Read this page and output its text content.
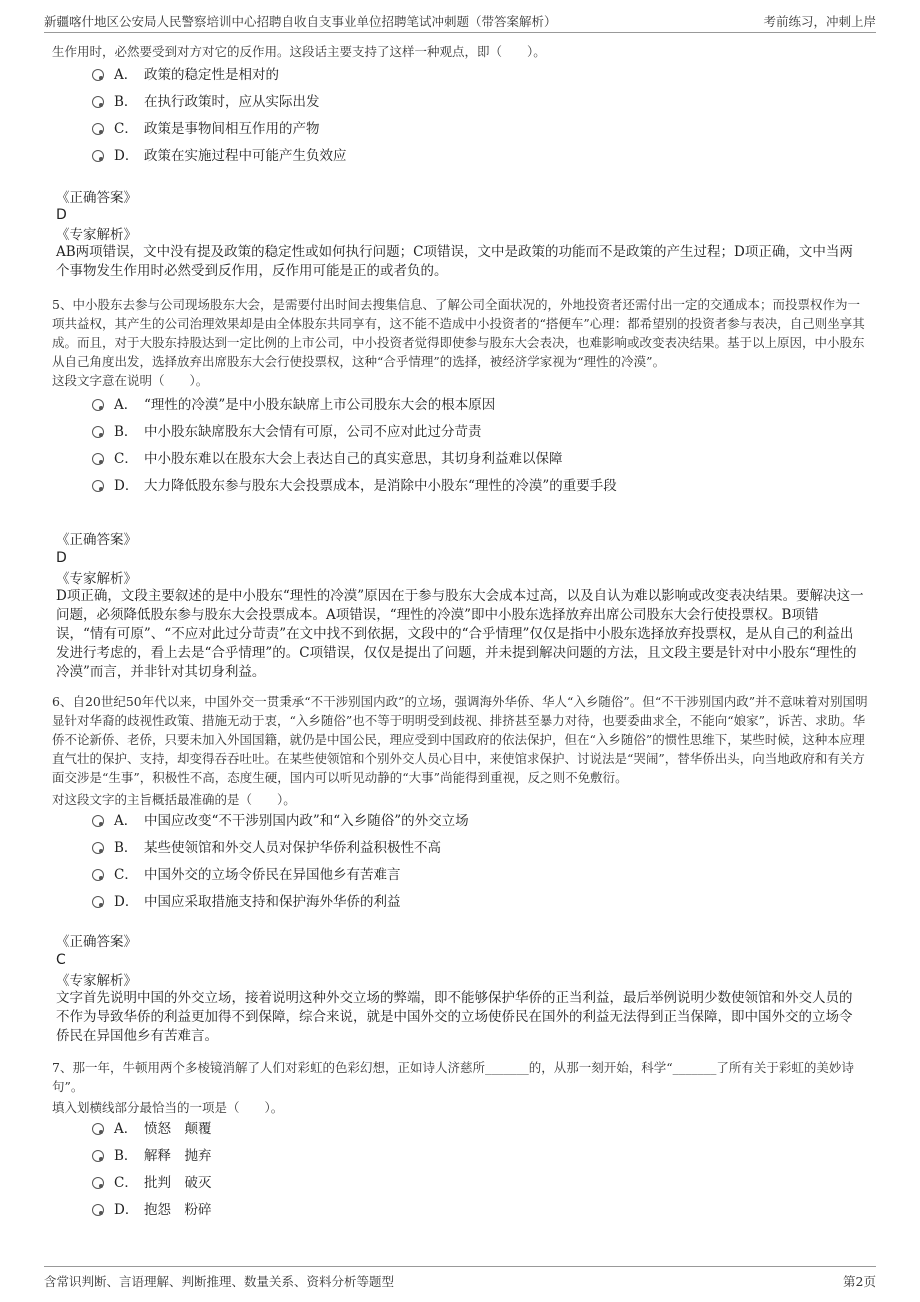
新疆喀什地区公安局人民警察培训中心招聘自收自支事业单位招聘笔试冲刺题（带答案解析）	考前练习，冲刺上岸
生作用时，必然要受到对方对它的反作用。这段话主要支持了这样一种观点，即（　　）。
A． 政策的稳定性是相对的
B． 在执行政策时，应从实际出发
C． 政策是事物间相互作用的产物
D． 政策在实施过程中可能产生负效应
《正确答案》
D
《专家解析》
AB两项错误，文中没有提及政策的稳定性或如何执行问题；C项错误，文中是政策的功能而不是政策的产生过程；D项正确，文中当两个事物发生作用时必然受到反作用，反作用可能是正的或者负的。
5、中小股东去参与公司现场股东大会，是需要付出时间去搜集信息、了解公司全面状况的，外地投资者还需付出一定的交通成本；而投票权作为一项共益权，其产生的公司治理效果却是由全体股东共同享有，这不能不造成中小投资者的“搭便车”心理：都希望别的投资者参与表决，自己则坐享其成。而且，对于大股东持股达到一定比例的上市公司，中小投资者觉得即使参与股东大会表决，也难影响或改变表决结果。基于以上原因，中小股东从自己角度出发，选择放弃出席股东大会行使投票权，这种“合乎情理”的选择，被经济学家视为“理性的冷漠”。
这段文字意在说明（　　）。
A． “理性的冷漠”是中小股东缺席上市公司股东大会的根本原因
B． 中小股东缺席股东大会情有可原，公司不应对此过分苛责
C． 中小股东难以在股东大会上表达自己的真实意思，其切身利益难以保障
D． 大力降低股东参与股东大会投票成本，是消除中小股东“理性的冷漠”的重要手段
《正确答案》
D
《专家解析》
D项正确，文段主要叙述的是中小股东“理性的冷漠”原因在于参与股东大会成本过高，以及自认为难以影响或改变表决结果。要解决这一问题，必须降低股东参与股东大会投票成本。A项错误，“理性的冷漠”即中小股东选择放弃出席公司股东大会行使投票权。B项错误，“情有可原”、“不应对此过分苛责”在文中找不到依据，文段中的“合乎情理”仅仅是指中小股东选择放弃投票权，是从自己的利益出发进行考虑的，看上去是“合乎情理”的。C项错误，仅仅是提出了问题，并未提到解决问题的方法，且文段主要是针对中小股东“理性的冷漠”而言，并非针对其切身利益。
6、自20世纪50年代以来，中国外交一贯秉承“不干涉别国内政”的立场，强调海外华侨、华人“入乡随俗”。但“不干涉别国内政”并不意味着对别国明显针对华裔的歧视性政策、措施无动于衷，“入乡随俗”也不等于明明受到歧视、排挤甚至暴力对待，也要委曲求全，不能向“娘家”，诉苦、求助。华侨不论新侨、老侨，只要未加入外国国籍，就仍是中国公民，理应受到中国政府的依法保护，但在“入乡随俗”的惯性思维下，某些时候，这种本应理直气壮的保护、支持，却变得吞吞吐吐。在某些使领馆和个别外交人员心目中，来使馆求保护、讨说法是“哭闹”，替华侨出头，向当地政府和有关方面交涉是“生事”，积极性不高，态度生硬，国内可以听见动静的“大事”尚能得到重视，反之则不免敷衍。
对这段文字的主旨概括最准确的是（　　）。
A． 中国应改变“不干涉别国内政”和“入乡随俗”的外交立场
B． 某些使领馆和外交人员对保护华侨利益积极性不高
C． 中国外交的立场令侨民在异国他乡有苦难言
D． 中国应采取措施支持和保护海外华侨的利益
《正确答案》
C
《专家解析》
文字首先说明中国的外交立场，接着说明这种外交立场的弊端，即不能够保护华侨的正当利益，最后举例说明少数使领馆和外交人员的不作为导致华侨的利益更加得不到保障，综合来说，就是中国外交的立场使侨民在国外的利益无法得到正当保障，即中国外交的立场令侨民在异国他乡有苦难言。
7、那一年，牛顿用两个多棱镜消解了人们对彩虹的色彩幻想，正如诗人济慈所_______的，从那一刻开始，科学“_______了所有关于彩虹的美妙诗句”。
填入划横线部分最恰当的一项是（　　）。
A． 愤怒　颠覆
B． 解释　抛弃
C． 批判　破灭
D． 抱怨　粉碎
含常识判断、言语理解、判断推理、数量关系、资料分析等题型	第2页
